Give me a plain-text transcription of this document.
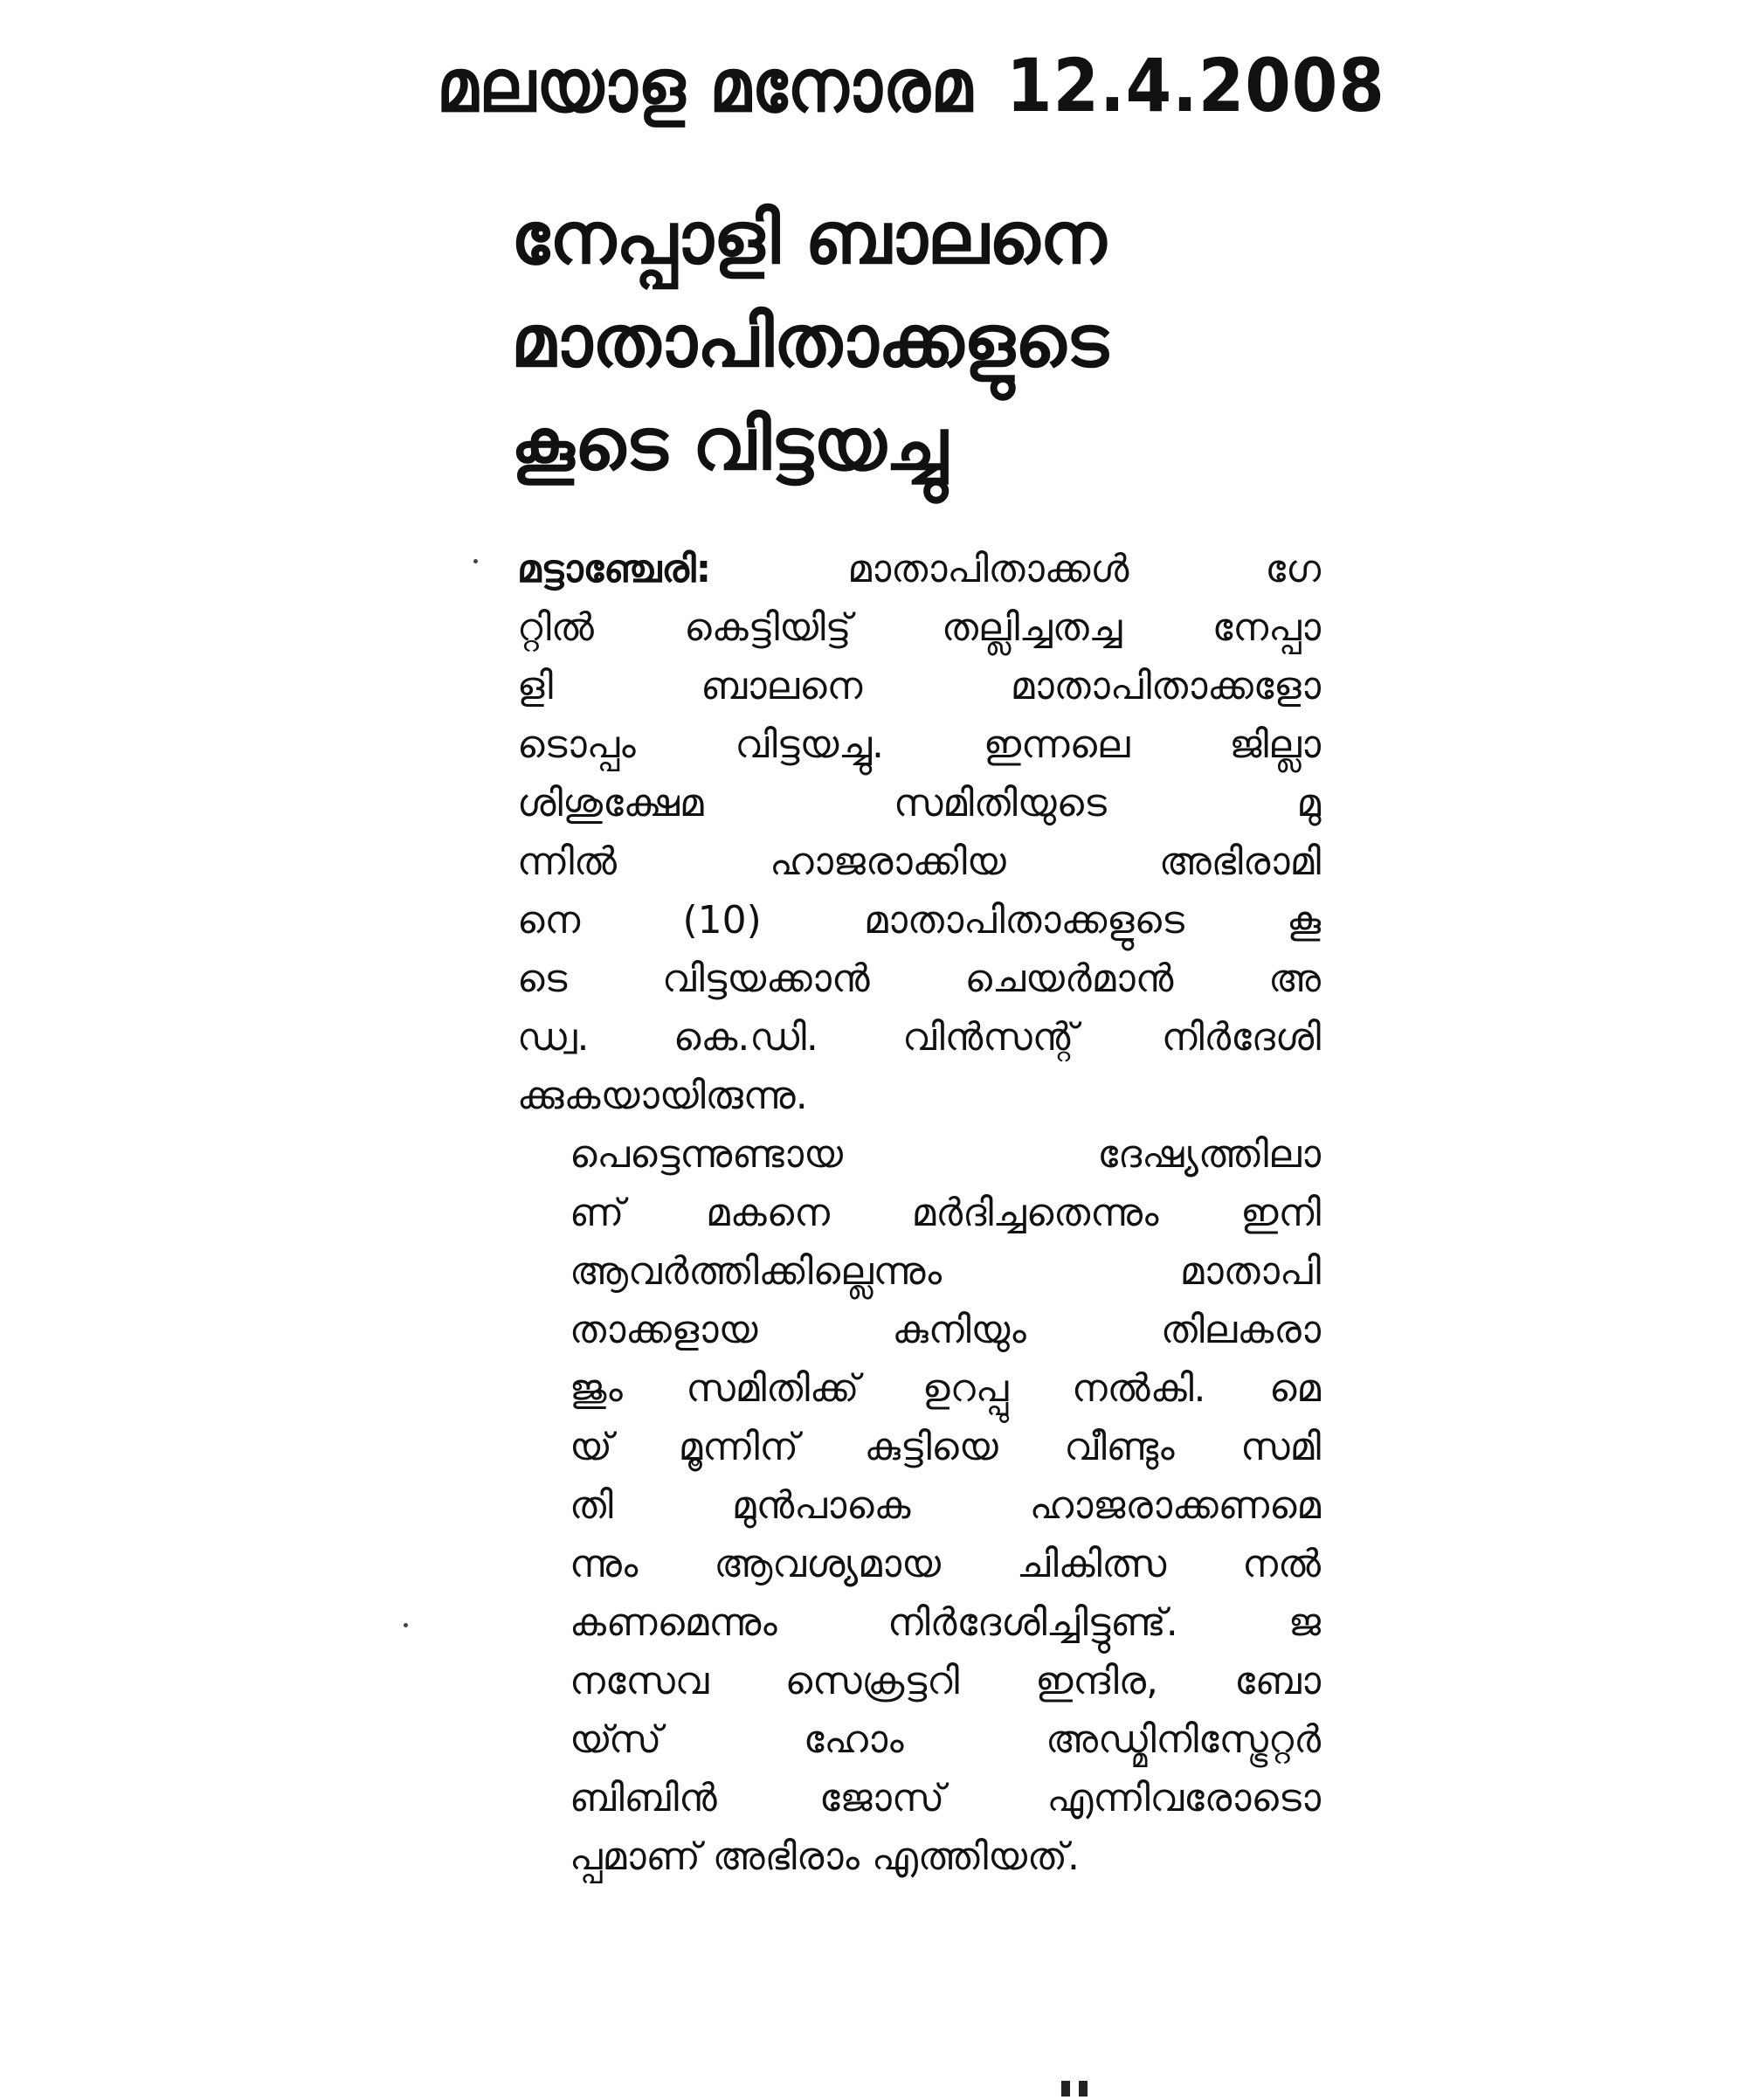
മലയാള മനോരമ 12.4.2008
നേപ്പാളി ബാലനെ
മാതാപിതാക്കളുടെ
കൂടെ വിട്ടയച്ചു

മട്ടാഞ്ചേരി:	മാതാപിതാക്കൾ ഗേ
റ്റിൽ കെട്ടിയിട്ട് തല്ലിച്ചതച്ച നേപ്പാ
ളി ബാലനെ മാതാപിതാക്കളോ
ടൊപ്പം വിട്ടയച്ചു. ഇന്നലെ ജില്ലാ
ശിശുക്ഷേമ സമിതിയുടെ മു
ന്നിൽ ഹാജരാക്കിയ അഭിരാമി
നെ (10) മാതാപിതാക്കളുടെ കൂ
ടെ വിട്ടയക്കാൻ ചെയർമാൻ അ
ഡ്വ. കെ.ഡി. വിൻസന്റ് നിർദേശി
ക്കുകയായിരുന്നു.

പെട്ടെന്നുണ്ടായ ദേഷ്യത്തിലാ
ണ് മകനെ മർദിച്ചതെന്നും ഇനി
ആവർത്തിക്കില്ലെന്നും മാതാപി
താക്കളായ കുനിയും തിലകരാ
ജും സമിതിക്ക് ഉറപ്പു നൽകി. മെ
യ് മൂന്നിന് കുട്ടിയെ വീണ്ടും സമി
തി മുൻപാകെ ഹാജരാക്കണമെ
ന്നും ആവശ്യമായ ചികിത്സ നൽ
കണമെന്നും നിർദേശിച്ചിട്ടുണ്ട്. ജ
നസേവ സെക്രട്ടറി ഇന്ദിര, ബോ
യ്സ് ഹോം അഡ്മിനിസ്ട്രേറ്റർ
ബിബിൻ ജോസ് എന്നിവരോടൊ
പ്പമാണ് അഭിരാം എത്തിയത്.
